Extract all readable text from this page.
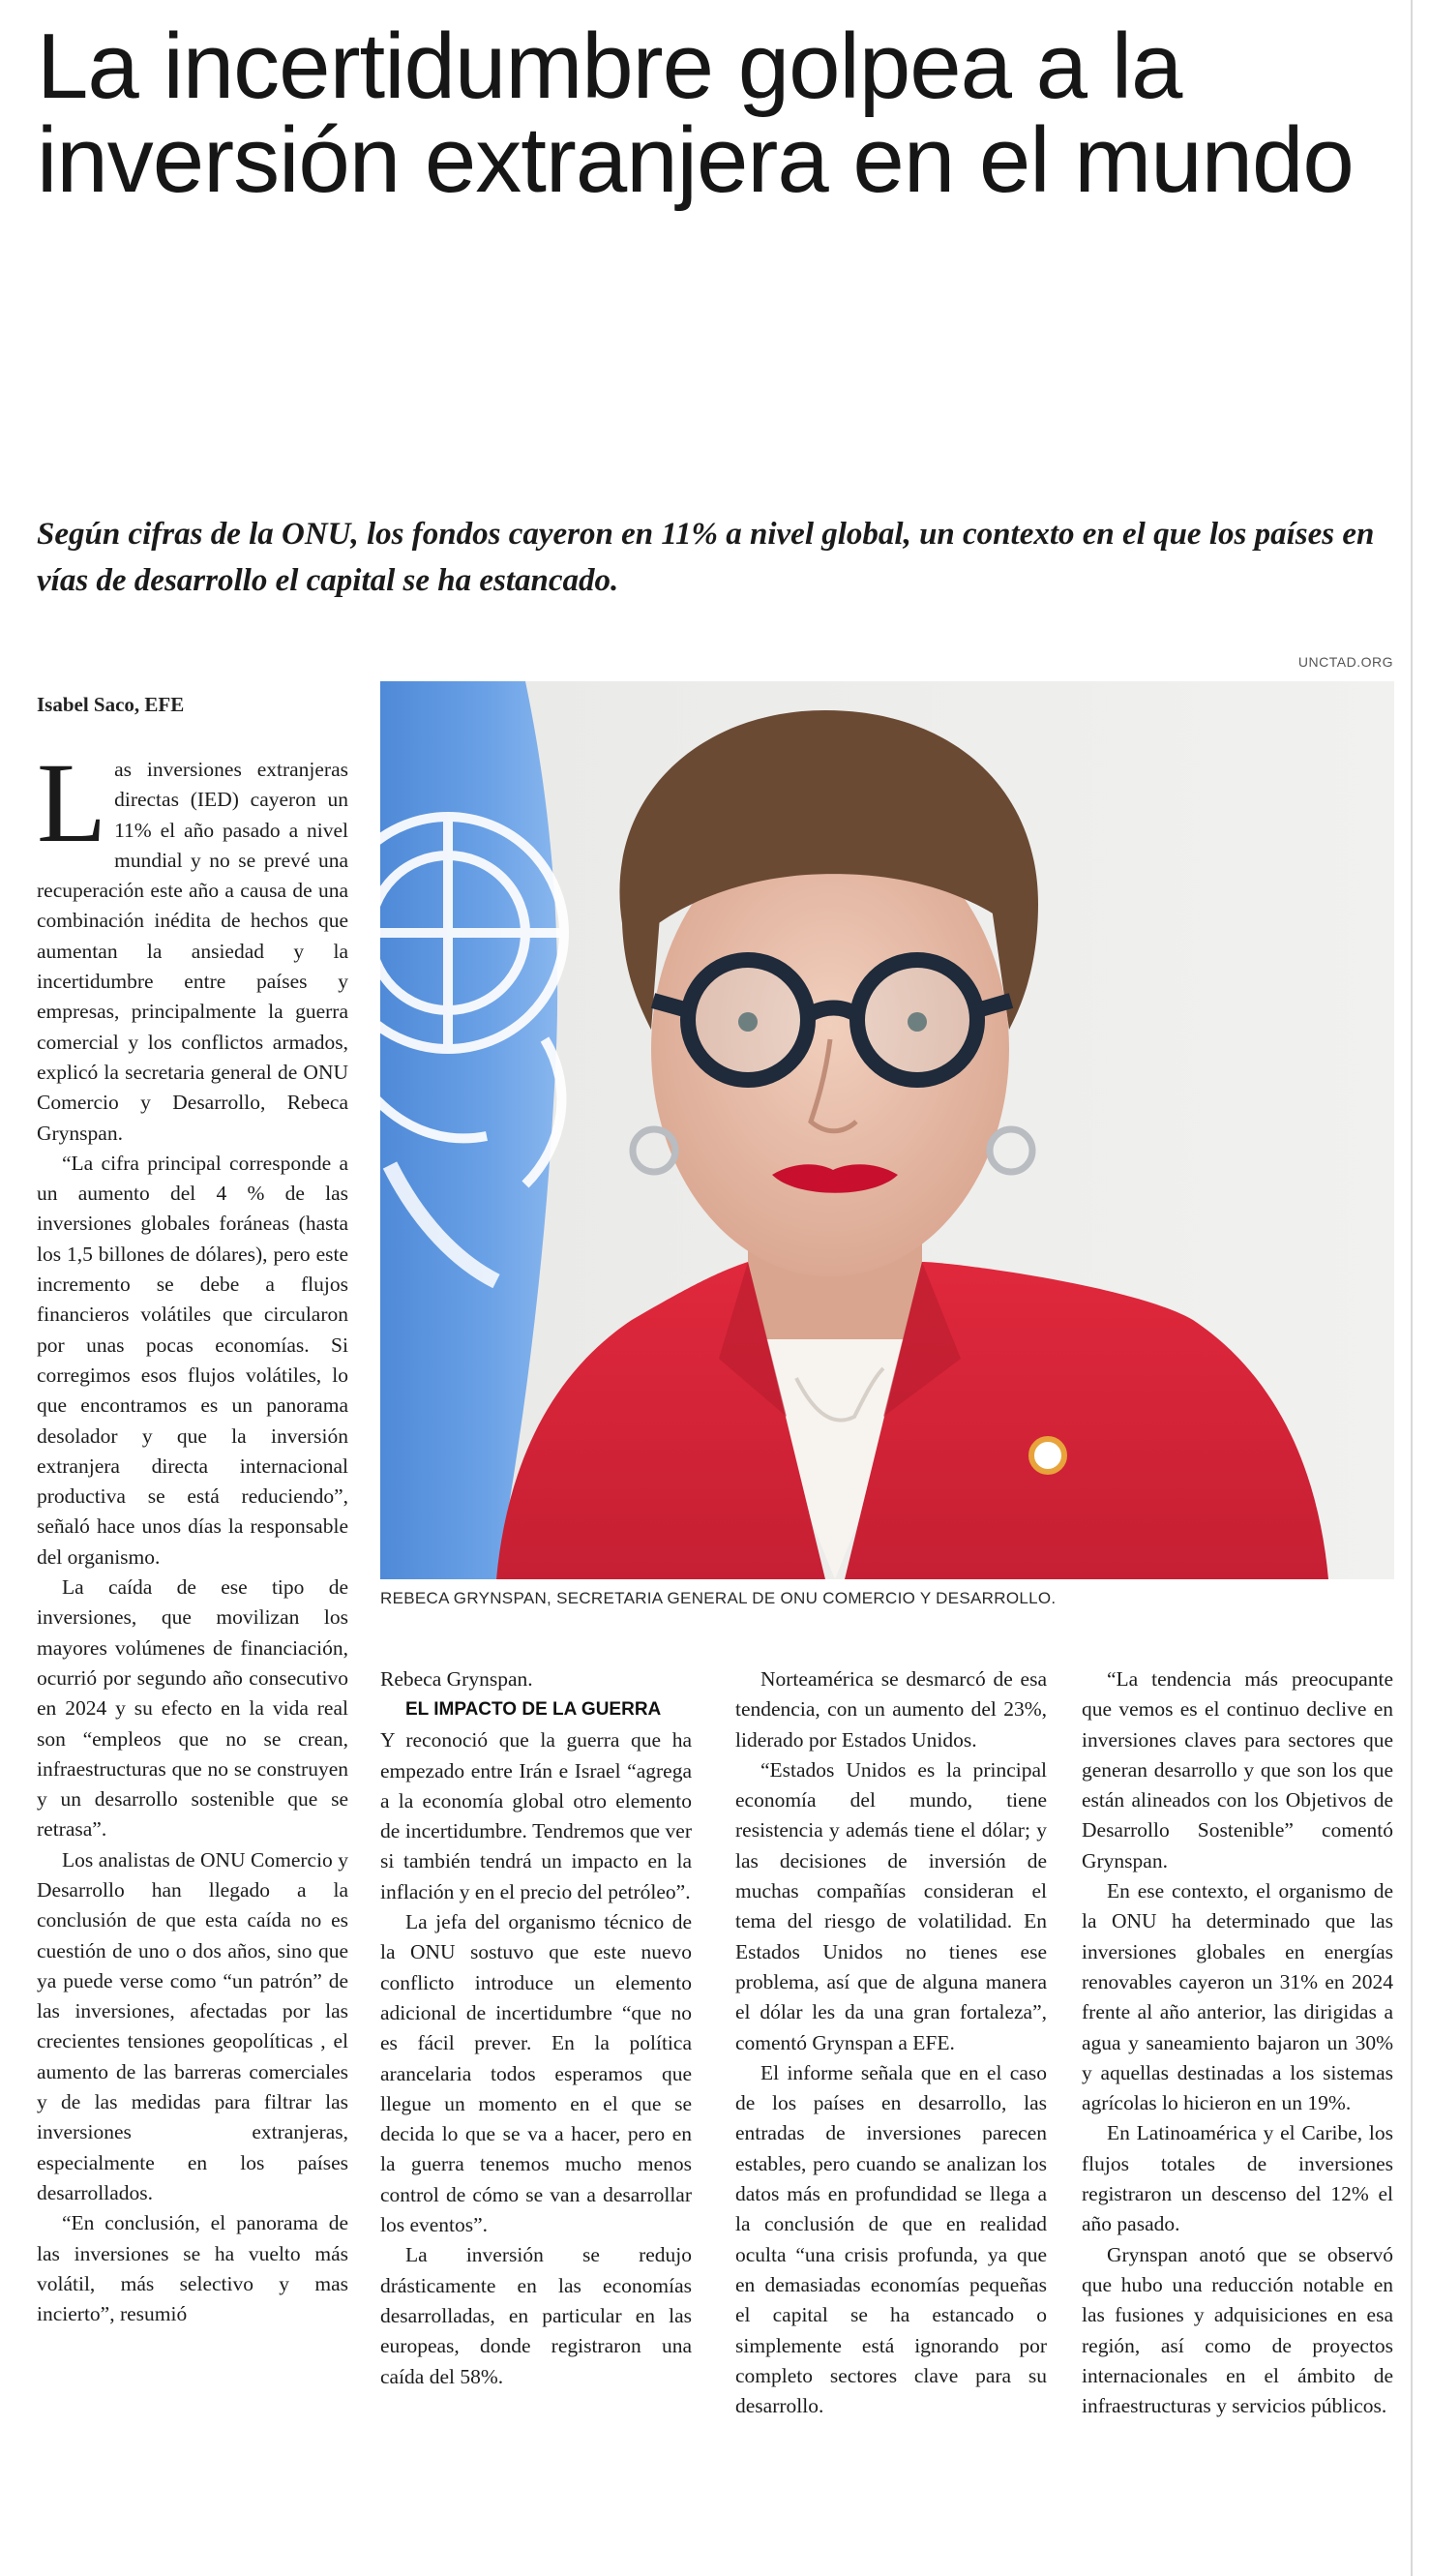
La incertidumbre golpea a la inversión extranjera en el mundo

Según cifras de la ONU, los fondos cayeron en 11% a nivel global, un contexto en el que los países en vías de desarrollo el capital se ha estancado.

UNCTAD.ORG
Isabel Saco, EFE
REBECA GRYNSPAN, SECRETARIA GENERAL DE ONU COMERCIO Y DESARROLLO.

Las inversiones extranjeras directas (IED) cayeron un 11% el año pasado a nivel mundial y no se prevé una recuperación este año a causa de una combinación inédita de hechos que aumentan la ansiedad y la incertidumbre entre países y empresas, principalmente la guerra comercial y los conflictos armados, explicó la secretaria general de ONU Comercio y Desarrollo, Rebeca Grynspan.

“La cifra principal corresponde a un aumento del 4 % de las inversiones globales foráneas (hasta los 1,5 billones de dólares), pero este incremento se debe a flujos financieros volátiles que circularon por unas pocas economías. Si corregimos esos flujos volátiles, lo que encontramos es un panorama desolador y que la inversión extranjera directa internacional productiva se está reduciendo”, señaló hace unos días la responsable del organismo.

La caída de ese tipo de inversiones, que movilizan los mayores volúmenes de financiación, ocurrió por segundo año consecutivo en 2024 y su efecto en la vida real son “empleos que no se crean, infraestructuras que no se construyen y un desarrollo sostenible que se retrasa”.

Los analistas de ONU Comercio y Desarrollo han llegado a la conclusión de que esta caída no es cuestión de uno o dos años, sino que ya puede verse como “un patrón” de las inversiones, afectadas por las crecientes tensiones geopolíticas , el aumento de las barreras comerciales y de las medidas para filtrar las inversiones extranjeras, especialmente en los países desarrollados.

“En conclusión, el panorama de las inversiones se ha vuelto más volátil, más selectivo y mas incierto”, resumió

Rebeca Grynspan.

EL IMPACTO DE LA GUERRA

Y reconoció que la guerra que ha empezado entre Irán e Israel “agrega a la economía global otro elemento de incertidumbre. Tendremos que ver si también tendrá un impacto en la inflación y en el precio del petróleo”.

La jefa del organismo técnico de la ONU sostuvo que este nuevo conflicto introduce un elemento adicional de incertidumbre “que no es fácil prever. En la política arancelaria todos esperamos que llegue un momento en el que se decida lo que se va a hacer, pero en la guerra tenemos mucho menos control de cómo se van a desarrollar los eventos”.

La inversión se redujo drásticamente en las economías desarrolladas, en particular en las europeas, donde registraron una caída del 58%.

Norteamérica se desmarcó de esa tendencia, con un aumento del 23%, liderado por Estados Unidos.

“Estados Unidos es la principal economía del mundo, tiene resistencia y además tiene el dólar; y las decisiones de inversión de muchas compañías consideran el tema del riesgo de volatilidad. En Estados Unidos no tienes ese problema, así que de alguna manera el dólar les da una gran fortaleza”, comentó Grynspan a EFE.

El informe señala que en el caso de los países en desarrollo, las entradas de inversiones parecen estables, pero cuando se analizan los datos más en profundidad se llega a la conclusión de que en realidad oculta “una crisis profunda, ya que en demasiadas economías pequeñas el capital se ha estancado o simplemente está ignorando por completo sectores clave para su desarrollo.

“La tendencia más preocupante que vemos es el continuo declive en inversiones claves para sectores que generan desarrollo y que son los que están alineados con los Objetivos de Desarrollo Sostenible” comentó Grynspan.

En ese contexto, el organismo de la ONU ha determinado que las inversiones globales en energías renovables cayeron un 31% en 2024 frente al año anterior, las dirigidas a agua y saneamiento bajaron un 30% y aquellas destinadas a los sistemas agrícolas lo hicieron en un 19%.

En Latinoamérica y el Caribe, los flujos totales de inversiones registraron un descenso del 12% el año pasado.

Grynspan anotó que se observó que hubo una reducción notable en las fusiones y adquisiciones en esa región, así como de proyectos internacionales en el ámbito de infraestructuras y servicios públicos.
